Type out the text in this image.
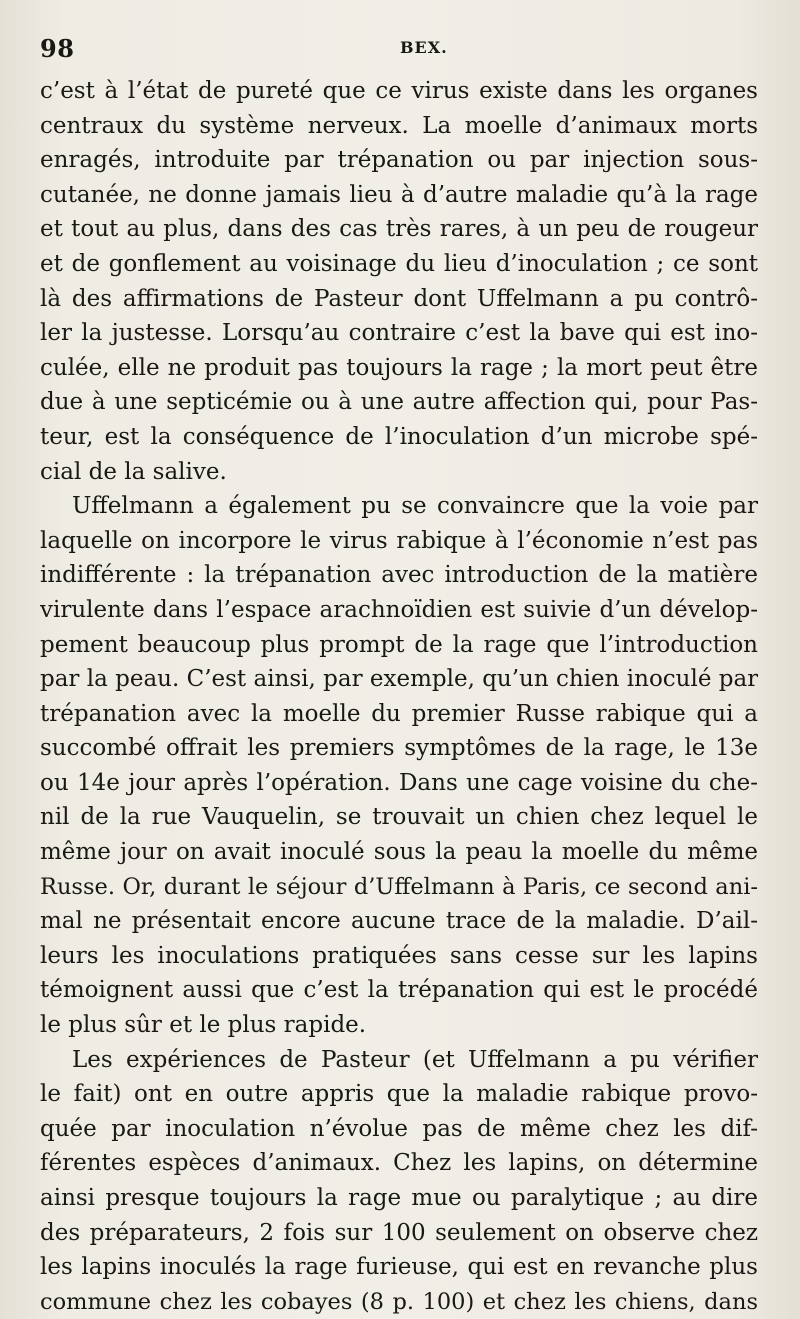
98	BEX.
c’est à l’état de pureté que ce virus existe dans les organes
centraux du système nerveux. La moelle d’animaux morts
enragés, introduite par trépanation ou par injection sous-
cutanée, ne donne jamais lieu à d’autre maladie qu’à la rage
et tout au plus, dans des cas très rares, à un peu de rougeur
et de gonflement au voisinage du lieu d’inoculation ; ce sont
là des affirmations de Pasteur dont Uffelmann a pu contrô-
ler la justesse. Lorsqu’au contraire c’est la bave qui est ino-
culée, elle ne produit pas toujours la rage ; la mort peut être
due à une septicémie ou à une autre affection qui, pour Pas-
teur, est la conséquence de l’inoculation d’un microbe spé-
cial de la salive.
Uffelmann a également pu se convaincre que la voie par
laquelle on incorpore le virus rabique à l’économie n’est pas
indifférente : la trépanation avec introduction de la matière
virulente dans l’espace arachnoïdien est suivie d’un dévelop-
pement beaucoup plus prompt de la rage que l’introduction
par la peau. C’est ainsi, par exemple, qu’un chien inoculé par
trépanation avec la moelle du premier Russe rabique qui a
succombé offrait les premiers symptômes de la rage, le 13e
ou 14e jour après l’opération. Dans une cage voisine du che-
nil de la rue Vauquelin, se trouvait un chien chez lequel le
même jour on avait inoculé sous la peau la moelle du même
Russe. Or, durant le séjour d’Uffelmann à Paris, ce second ani-
mal ne présentait encore aucune trace de la maladie. D’ail-
leurs les inoculations pratiquées sans cesse sur les lapins
témoignent aussi que c’est la trépanation qui est le procédé
le plus sûr et le plus rapide.
Les expériences de Pasteur (et Uffelmann a pu vérifier
le fait) ont en outre appris que la maladie rabique provo-
quée par inoculation n’évolue pas de même chez les dif-
férentes espèces d’animaux. Chez les lapins, on détermine
ainsi presque toujours la rage mue ou paralytique ; au dire
des préparateurs, 2 fois sur 100 seulement on observe chez
les lapins inoculés la rage furieuse, qui est en revanche plus
commune chez les cobayes (8 p. 100) et chez les chiens, dans
